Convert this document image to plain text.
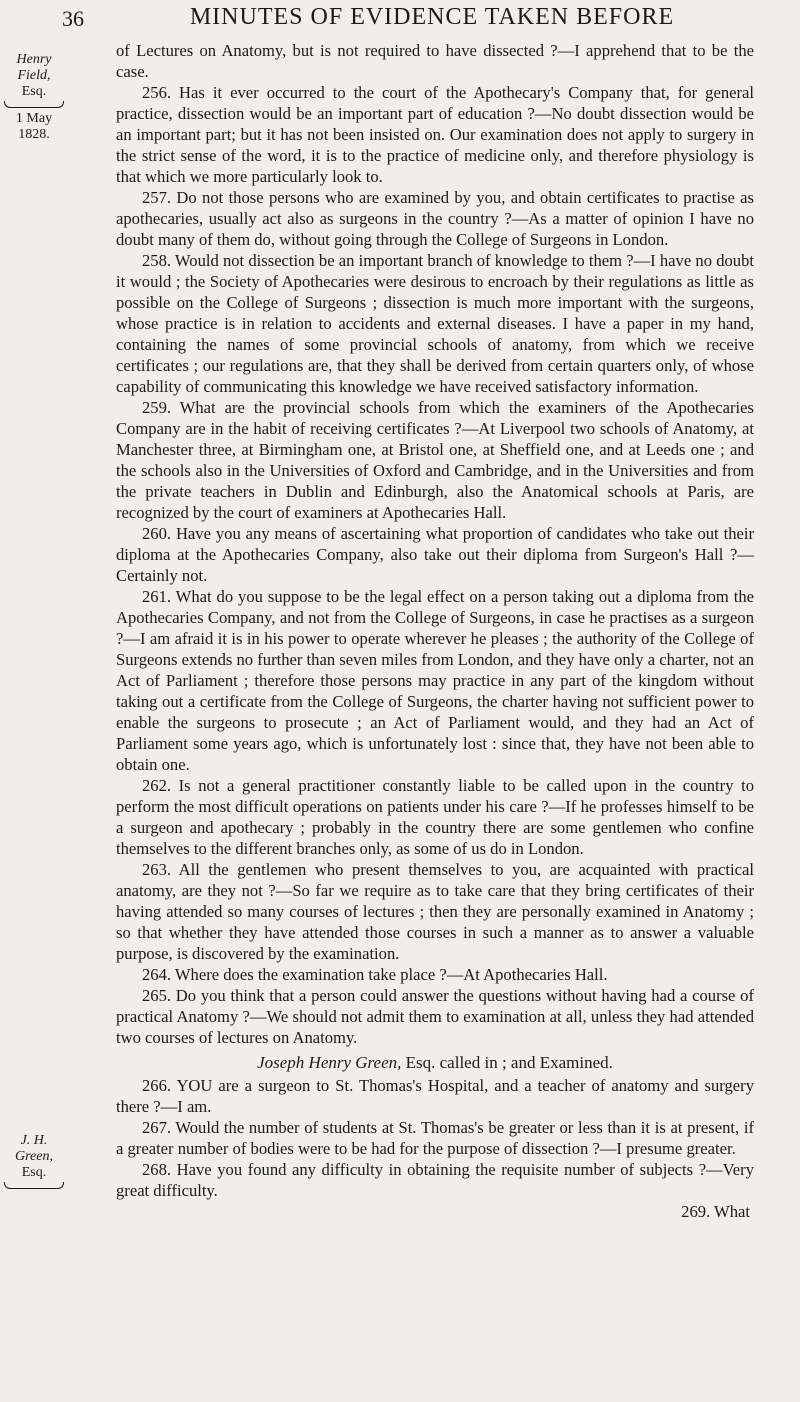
36	MINUTES OF EVIDENCE TAKEN BEFORE
Henry Field,
Esq.
1 May
1828.
J. H. Green,
Esq.

of Lectures on Anatomy, but is not required to have dissected ?—I apprehend that to be the case.

256. Has it ever occurred to the court of the Apothecary's Company that, for general practice, dissection would be an important part of education ?—No doubt dissection would be an important part; but it has not been insisted on. Our examination does not apply to surgery in the strict sense of the word, it is to the practice of medicine only, and therefore physiology is that which we more particularly look to.

257. Do not those persons who are examined by you, and obtain certificates to practise as apothecaries, usually act also as surgeons in the country ?—As a matter of opinion I have no doubt many of them do, without going through the College of Surgeons in London.

258. Would not dissection be an important branch of knowledge to them ?—I have no doubt it would ; the Society of Apothecaries were desirous to encroach by their regulations as little as possible on the College of Surgeons ; dissection is much more important with the surgeons, whose practice is in relation to accidents and external diseases. I have a paper in my hand, containing the names of some provincial schools of anatomy, from which we receive certificates ; our regulations are, that they shall be derived from certain quarters only, of whose capability of communicating this knowledge we have received satisfactory information.

259. What are the provincial schools from which the examiners of the Apothecaries Company are in the habit of receiving certificates ?—At Liverpool two schools of Anatomy, at Manchester three, at Birmingham one, at Bristol one, at Sheffield one, and at Leeds one ; and the schools also in the Universities of Oxford and Cambridge, and in the Universities and from the private teachers in Dublin and Edinburgh, also the Anatomical schools at Paris, are recognized by the court of examiners at Apothecaries Hall.

260. Have you any means of ascertaining what proportion of candidates who take out their diploma at the Apothecaries Company, also take out their diploma from Surgeon's Hall ?—Certainly not.

261. What do you suppose to be the legal effect on a person taking out a diploma from the Apothecaries Company, and not from the College of Surgeons, in case he practises as a surgeon ?—I am afraid it is in his power to operate wherever he pleases ; the authority of the College of Surgeons extends no further than seven miles from London, and they have only a charter, not an Act of Parliament ; therefore those persons may practice in any part of the kingdom without taking out a certificate from the College of Surgeons, the charter having not sufficient power to enable the surgeons to prosecute ; an Act of Parliament would, and they had an Act of Parliament some years ago, which is unfortunately lost : since that, they have not been able to obtain one.

262. Is not a general practitioner constantly liable to be called upon in the country to perform the most difficult operations on patients under his care ?—If he professes himself to be a surgeon and apothecary ; probably in the country there are some gentlemen who confine themselves to the different branches only, as some of us do in London.

263. All the gentlemen who present themselves to you, are acquainted with practical anatomy, are they not ?—So far we require as to take care that they bring certificates of their having attended so many courses of lectures ; then they are personally examined in Anatomy ; so that whether they have attended those courses in such a manner as to answer a valuable purpose, is discovered by the examination.

264. Where does the examination take place ?—At Apothecaries Hall.

265. Do you think that a person could answer the questions without having had a course of practical Anatomy ?—We should not admit them to examination at all, unless they had attended two courses of lectures on Anatomy.

Joseph Henry Green, Esq. called in ; and Examined.

266. YOU are a surgeon to St. Thomas's Hospital, and a teacher of anatomy and surgery there ?—I am.

267. Would the number of students at St. Thomas's be greater or less than it is at present, if a greater number of bodies were to be had for the purpose of dissection ?—I presume greater.

268. Have you found any difficulty in obtaining the requisite number of subjects ?—Very great difficulty.

269. What
